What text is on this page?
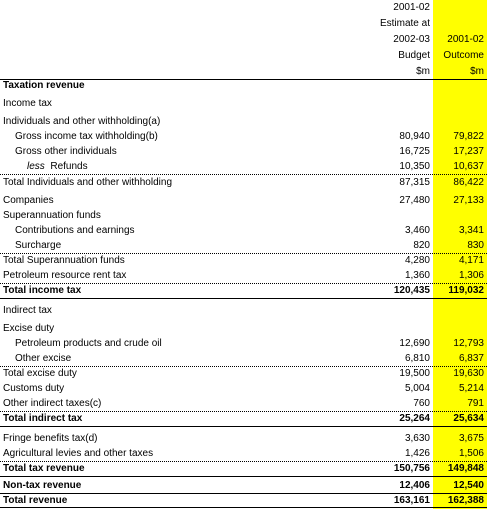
2001-02
Estimate at
2002-03
Budget
$m
2001-02
Outcome
$m
Taxation revenue
Income tax
Individuals and other withholding(a)
Gross income tax withholding(b)	80,940	79,822
Gross other individuals	16,725	17,237
less Refunds	10,350	10,637
Total Individuals and other withholding	87,315	86,422
Companies	27,480	27,133
Superannuation funds
Contributions and earnings	3,460	3,341
Surcharge	820	830
Total Superannuation funds	4,280	4,171
Petroleum resource rent tax	1,360	1,306
Total income tax	120,435	119,032
Indirect tax
Excise duty
Petroleum products and crude oil	12,690	12,793
Other excise	6,810	6,837
Total excise duty	19,500	19,630
Customs duty	5,004	5,214
Other indirect taxes(c)	760	791
Total indirect tax	25,264	25,634
Fringe benefits tax(d)	3,630	3,675
Agricultural levies and other taxes	1,426	1,506
Total tax revenue	150,756	149,848
Non-tax revenue	12,406	12,540
Total revenue	163,161	162,388
